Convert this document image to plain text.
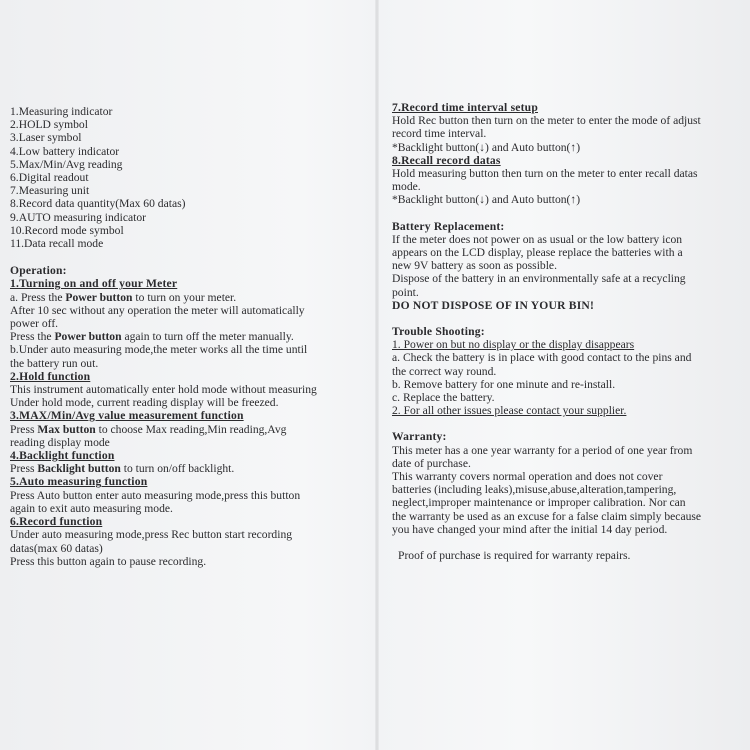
1.Measuring indicator
2.HOLD symbol
3.Laser symbol
4.Low battery indicator
5.Max/Min/Avg reading
6.Digital readout
7.Measuring unit
8.Record data quantity(Max 60 datas)
9.AUTO measuring indicator
10.Record mode symbol
11.Data recall mode
Operation:
1.Turning on and off your Meter
a. Press the Power button to turn on your meter.
After 10 sec without any operation the meter will automatically
power off.
Press the Power button again to turn off the meter manually.
b.Under auto measuring mode,the meter works all the time until
the battery run out.
2.Hold function
This instrument automatically enter hold mode without measuring
Under hold mode, current reading display will be freezed.
3.MAX/Min/Avg value measurement function
Press Max button to choose Max reading,Min reading,Avg
reading display mode
4.Backlight function
Press Backlight button to turn on/off backlight.
5.Auto measuring function
Press Auto button enter auto measuring mode,press this button
again to exit auto measuring mode.
6.Record function
Under auto measuring mode,press Rec button start recording
datas(max 60 datas)
Press this button again to pause recording.
7.Record time interval setup
Hold Rec button then turn on the meter to enter the mode of adjust
record time interval.
*Backlight button(↓) and Auto button(↑)
8.Recall record datas
Hold measuring button then turn on the meter to enter recall datas
mode.
*Backlight button(↓) and Auto button(↑)
Battery Replacement:
If the meter does not power on as usual or the low battery icon
appears on the LCD display, please replace the batteries with a
new 9V battery as soon as possible.
Dispose of the battery in an environmentally safe at a recycling
point.
DO NOT DISPOSE OF IN YOUR BIN!
Trouble Shooting:
1. Power on but no display or the display disappears
a. Check the battery is in place with good contact to the pins and
the correct way round.
b. Remove battery for one minute and re-install.
c. Replace the battery.
2. For all other issues please contact your supplier.
Warranty:
This meter has a one year warranty for a period of one year from
date of purchase.
This warranty covers normal operation and does not cover
batteries (including leaks),misuse,abuse,alteration,tampering,
neglect,improper maintenance or improper calibration. Nor can
the warranty be used as an excuse for a false claim simply because
you have changed your mind after the initial 14 day period.
Proof of purchase is required for warranty repairs.
